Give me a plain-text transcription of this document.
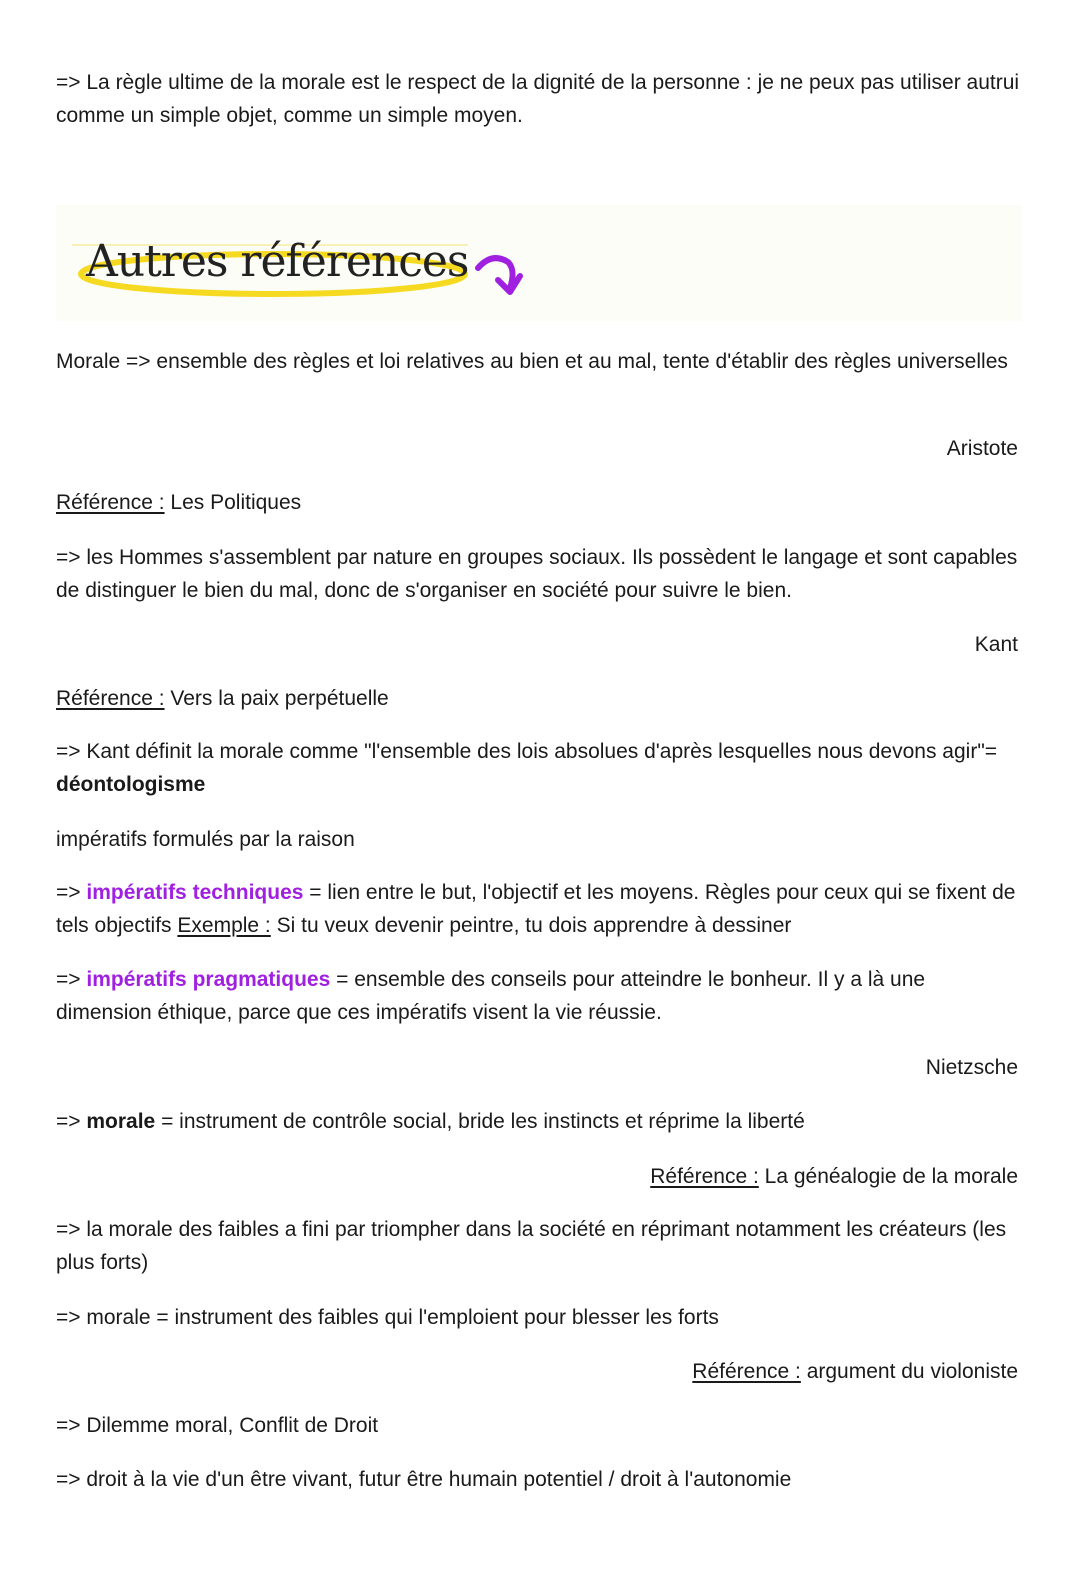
=> La règle ultime de la morale est le respect de la dignité de la personne : je ne peux pas utiliser autrui comme un simple objet, comme un simple moyen.
Autres références
Morale => ensemble des règles et loi relatives au bien et au mal, tente d'établir des règles universelles
Aristote
Référence : Les Politiques
=> les Hommes s'assemblent par nature en groupes sociaux. Ils possèdent le langage et sont capables de distinguer le bien du mal, donc de s'organiser en société pour suivre le bien.
Kant
Référence : Vers la paix perpétuelle
=> Kant définit la morale comme "l'ensemble des lois absolues d'après lesquelles nous devons agir"= déontologisme
impératifs formulés par la raison
=> impératifs techniques = lien entre le but, l'objectif et les moyens. Règles pour ceux qui se fixent de tels objectifs Exemple : Si tu veux devenir peintre, tu dois apprendre à dessiner
=> impératifs pragmatiques = ensemble des conseils pour atteindre le bonheur. Il y a là une dimension éthique, parce que ces impératifs visent la vie réussie.
Nietzsche
=> morale = instrument de contrôle social, bride les instincts et réprime la liberté
Référence : La généalogie de la morale
=> la morale des faibles a fini par triompher dans la société en réprimant notamment les créateurs (les plus forts)
=> morale = instrument des faibles qui l'emploient pour blesser les forts
Référence : argument du violoniste
=> Dilemme moral, Conflit de Droit
=> droit à la vie d'un être vivant, futur être humain potentiel / droit à l'autonomie
